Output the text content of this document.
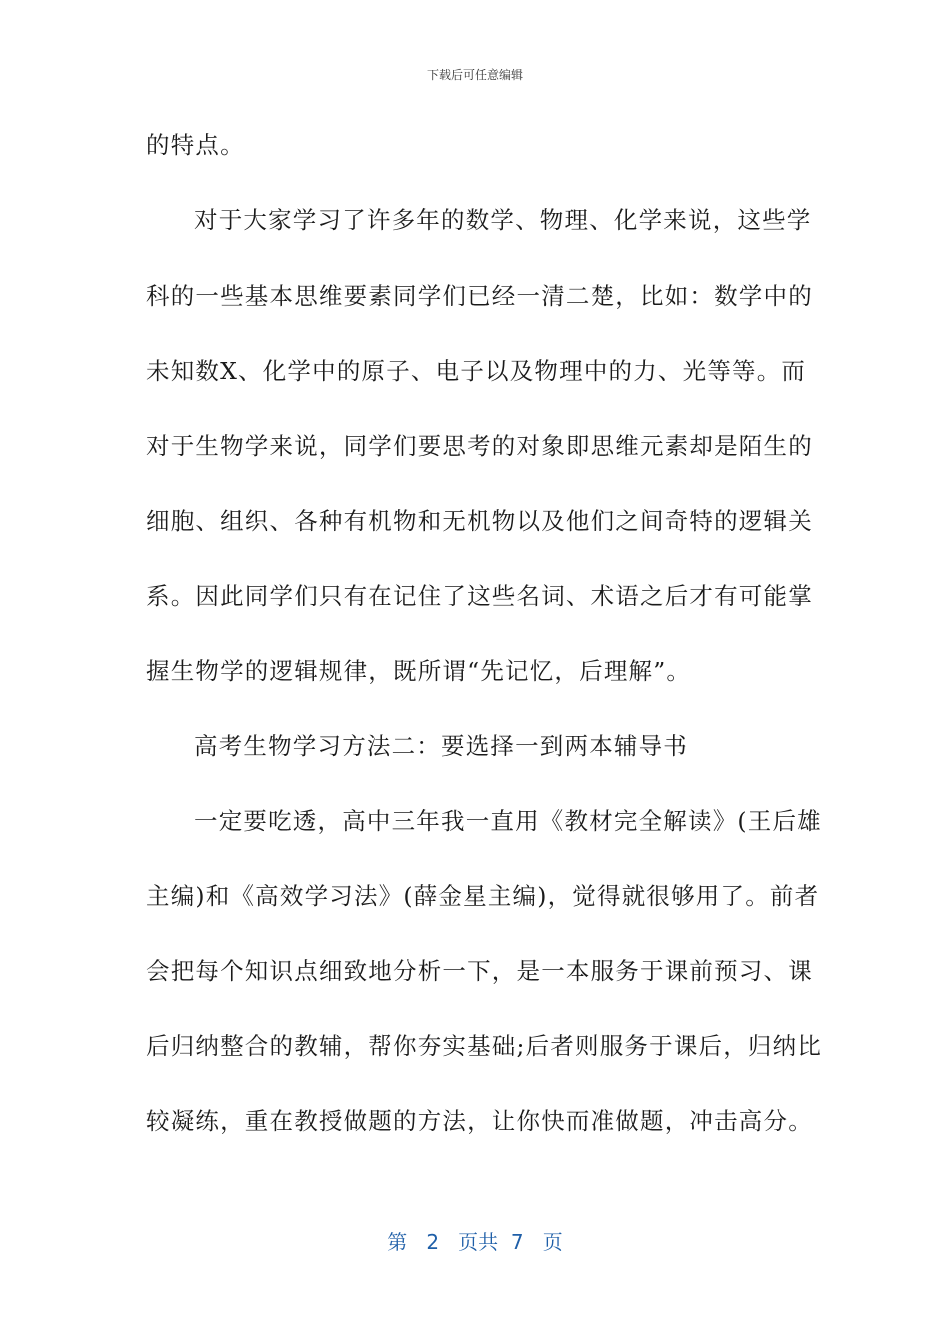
下载后可任意编辑
的特点。
对于大家学习了许多年的数学、物理、化学来说，这些学
科的一些基本思维要素同学们已经一清二楚，比如：数学中的
未知数X、化学中的原子、电子以及物理中的力、光等等。而
对于生物学来说，同学们要思考的对象即思维元素却是陌生的
细胞、组织、各种有机物和无机物以及他们之间奇特的逻辑关
系。因此同学们只有在记住了这些名词、术语之后才有可能掌
握生物学的逻辑规律，既所谓“先记忆，后理解”。
高考生物学习方法二：要选择一到两本辅导书
一定要吃透，高中三年我一直用《教材完全解读》(王后雄
主编)和《高效学习法》(薛金星主编)，觉得就很够用了。前者
会把每个知识点细致地分析一下，是一本服务于课前预习、课
后归纳整合的教辅，帮你夯实基础;后者则服务于课后，归纳比
较凝练，重在教授做题的方法，让你快而准做题，冲击高分。
第 2 页共 7 页
